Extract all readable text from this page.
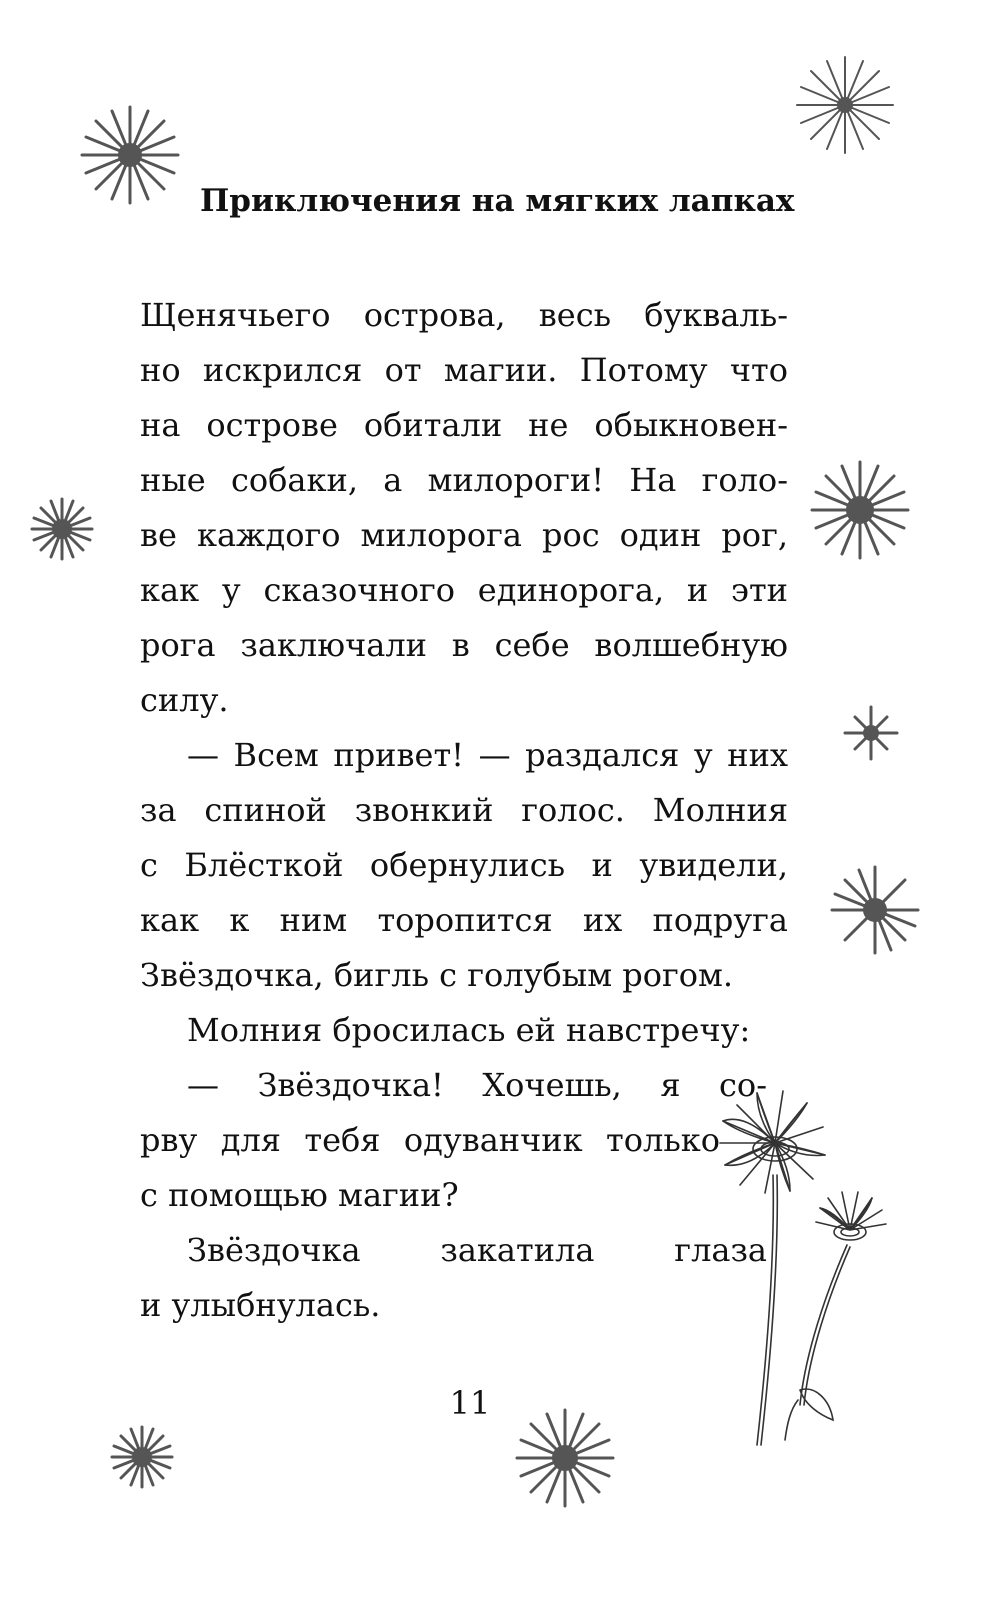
Приключения на мягких лапках
Щенячьего острова, весь букваль-
но искрился от магии. Потому что
на острове обитали не обыкновен-
ные собаки, а милороги! На голо-
ве каждого милорога рос один рог,
как у сказочного единорога, и эти
рога заключали в себе волшебную
силу.
— Всем привет! — раздался у них
за спиной звонкий голос. Молния
с Блёсткой обернулись и увидели,
как к ним торопится их подруга
Звёздочка, бигль с голубым рогом.
Молния бросилась ей навстречу:
— Звёздочка! Хочешь, я со-
рву для тебя одуванчик только
с помощью магии?
Звёздочка закатила глаза
и улыбнулась.
11
